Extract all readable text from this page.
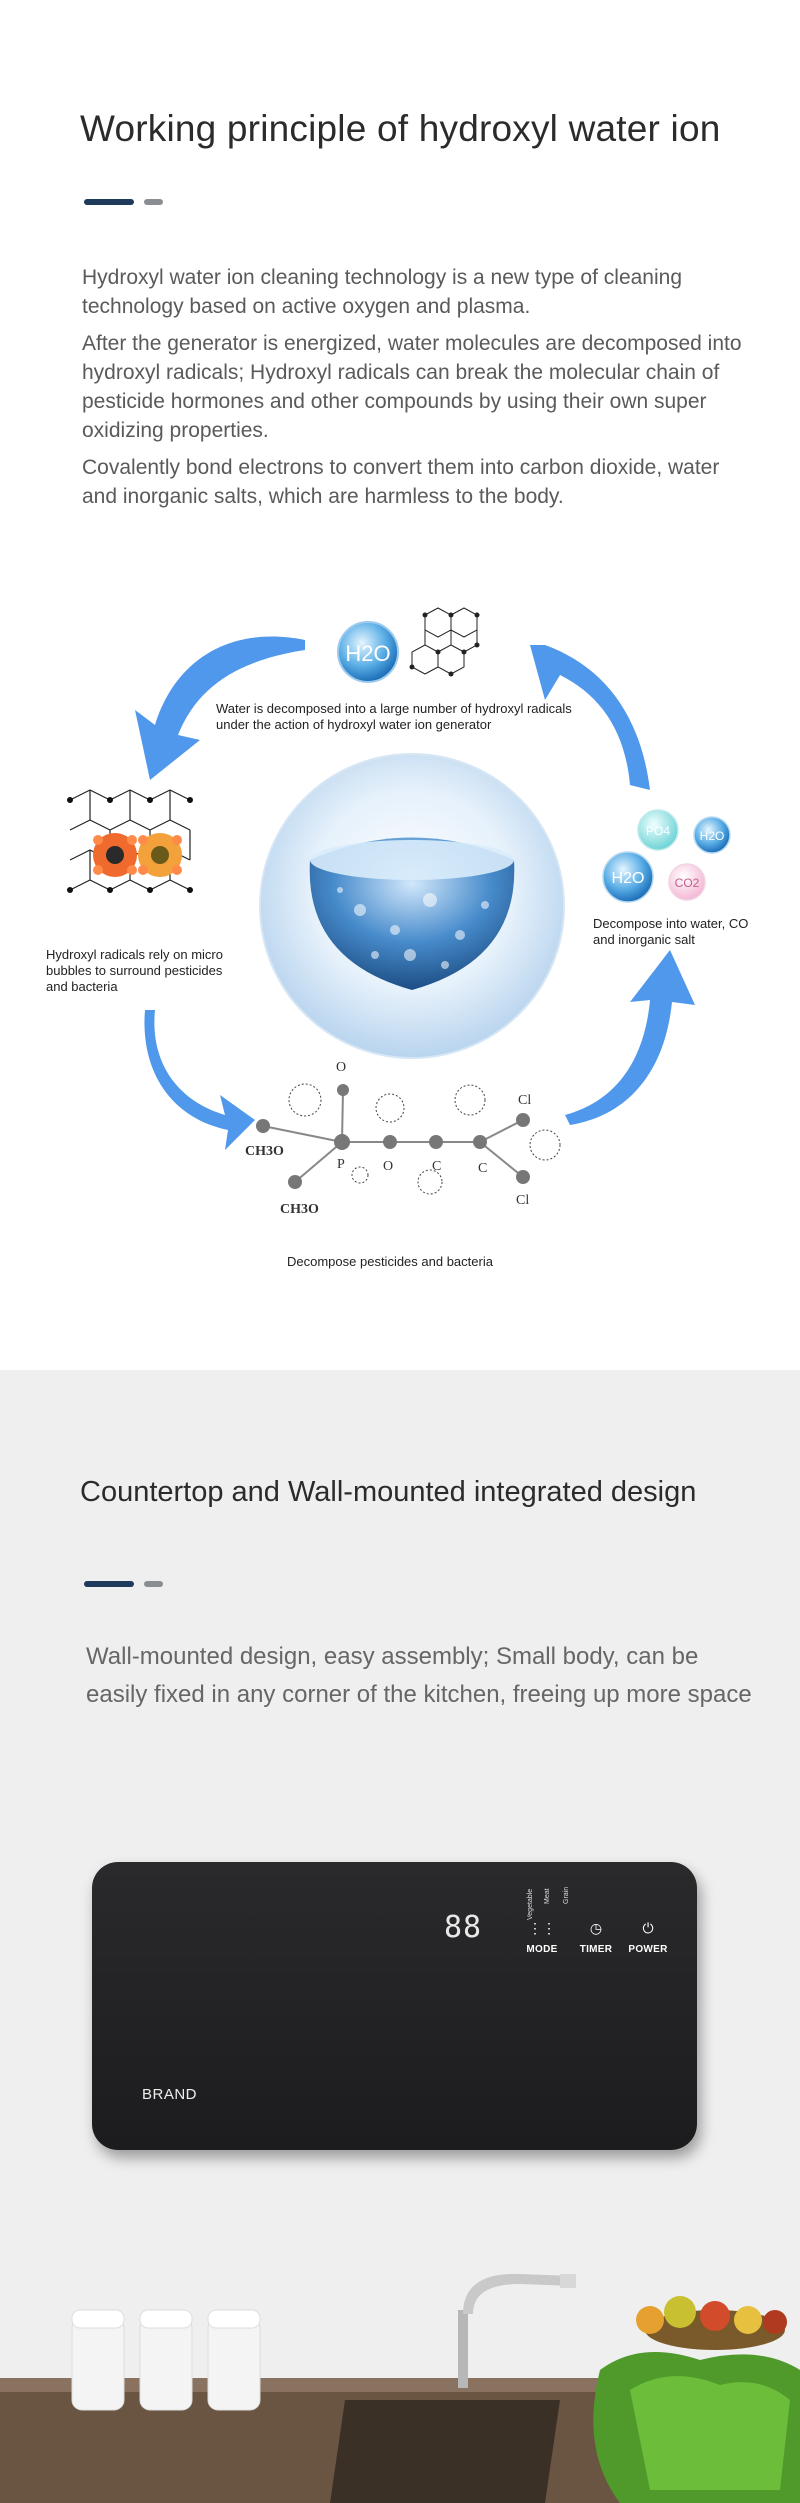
Working principle of hydroxyl water ion

Hydroxyl water ion cleaning technology is a new type of cleaning technology based on active oxygen and plasma.

After the generator is energized, water molecules are decomposed into hydroxyl radicals; Hydroxyl radicals can break the molecular chain of pesticide hormones and other compounds by using their own super oxidizing properties.

Covalently bond electrons to convert them into carbon dioxide, water and inorganic salts, which are harmless to the body.

H2O
PO4 H2O
H2O	CO2
O
CH3O
P	O	C	C
Cl
Cl
CH3O

Water is decomposed into a large number of hydroxyl radicals under the action of hydroxyl water ion generator

Hydroxyl radicals rely on micro bubbles to surround pesticides and bacteria

Decompose into water, CO and inorganic salt

Decompose pesticides and bacteria

Countertop and Wall-mounted integrated design

Wall-mounted design, easy assembly; Small body, can be easily fixed in any corner of the kitchen, freeing up more space

88
Vegetable Meat Grain
⋮⋮
MODE
◷
TIMER
⏻
POWER
BRAND
